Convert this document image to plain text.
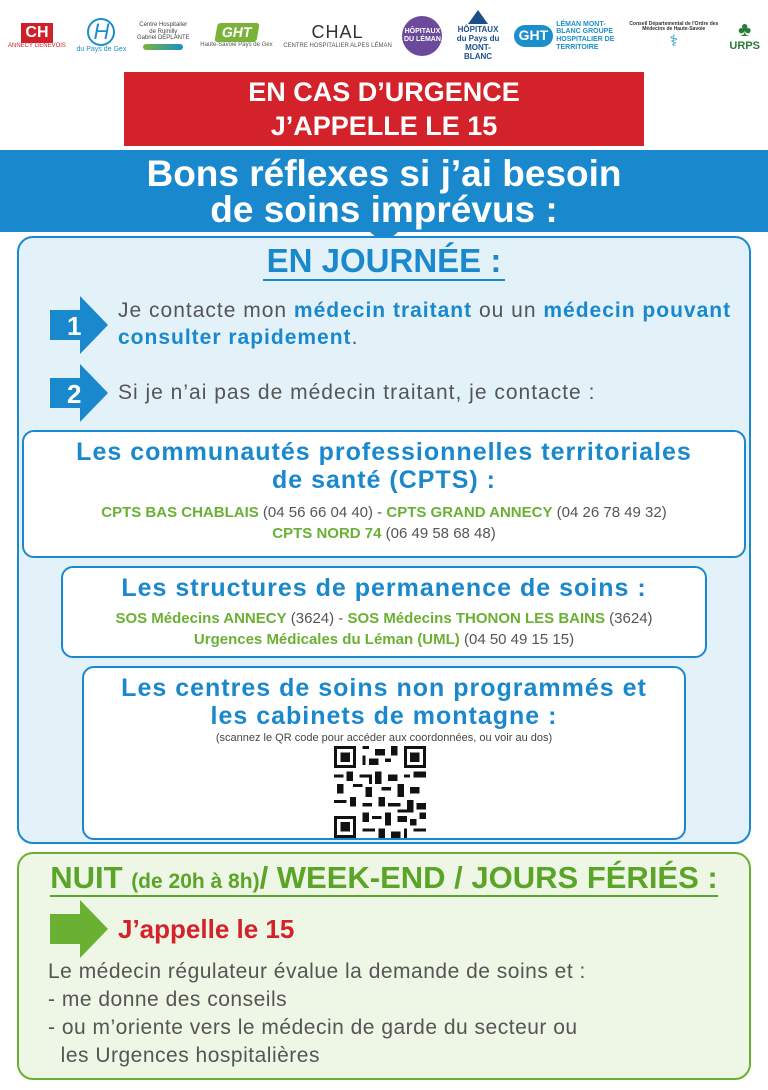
CH
ANNECY GENEVOIS
H
du Pays de Gex
Centre Hospitalier
de Rumilly
Gabriel DÉPLANTE	GHT
Haute-Savoie Pays de Gex
CHAL
CENTRE HOSPITALIER ALPES LÉMAN
HÔPITAUX DU LÉMAN
HÔPITAUX du Pays du MONT-BLANC
GHT
LÉMAN MONT-BLANC GROUPE HOSPITALIER DE TERRITOIRE
Conseil Départemental de l'Ordre des Médecins de Haute-Savoie
⚕
♣
URPS
EN CAS D’URGENCE
J’APPELLE LE 15
Bons réflexes si j’ai besoin
de soins imprévus :
EN JOURNÉE :
1
Je contacte mon médecin traitant ou un médecin pouvant consulter rapidement.
2 Si je n’ai pas de médecin traitant, je contacte :
Les communautés professionnelles territoriales
de santé (CPTS) :
CPTS BAS CHABLAIS (04 56 66 04 40) - CPTS GRAND ANNECY (04 26 78 49 32)
CPTS NORD 74 (06 49 58 68 48)
Les structures de permanence de soins :
SOS Médecins ANNECY (3624) - SOS Médecins THONON LES BAINS (3624)
Urgences Médicales du Léman (UML) (04 50 49 15 15)
Les centres de soins non programmés et
les cabinets de montagne :
(scannez le QR code pour accéder aux coordonnées, ou voir au dos)
NUIT (de 20h à 8h)/ WEEK-END / JOURS FÉRIÉS :
J’appelle le 15
Le médecin régulateur évalue la demande de soins et :
- me donne des conseils
- ou m’oriente vers le médecin de garde du secteur ou
les Urgences hospitalières
